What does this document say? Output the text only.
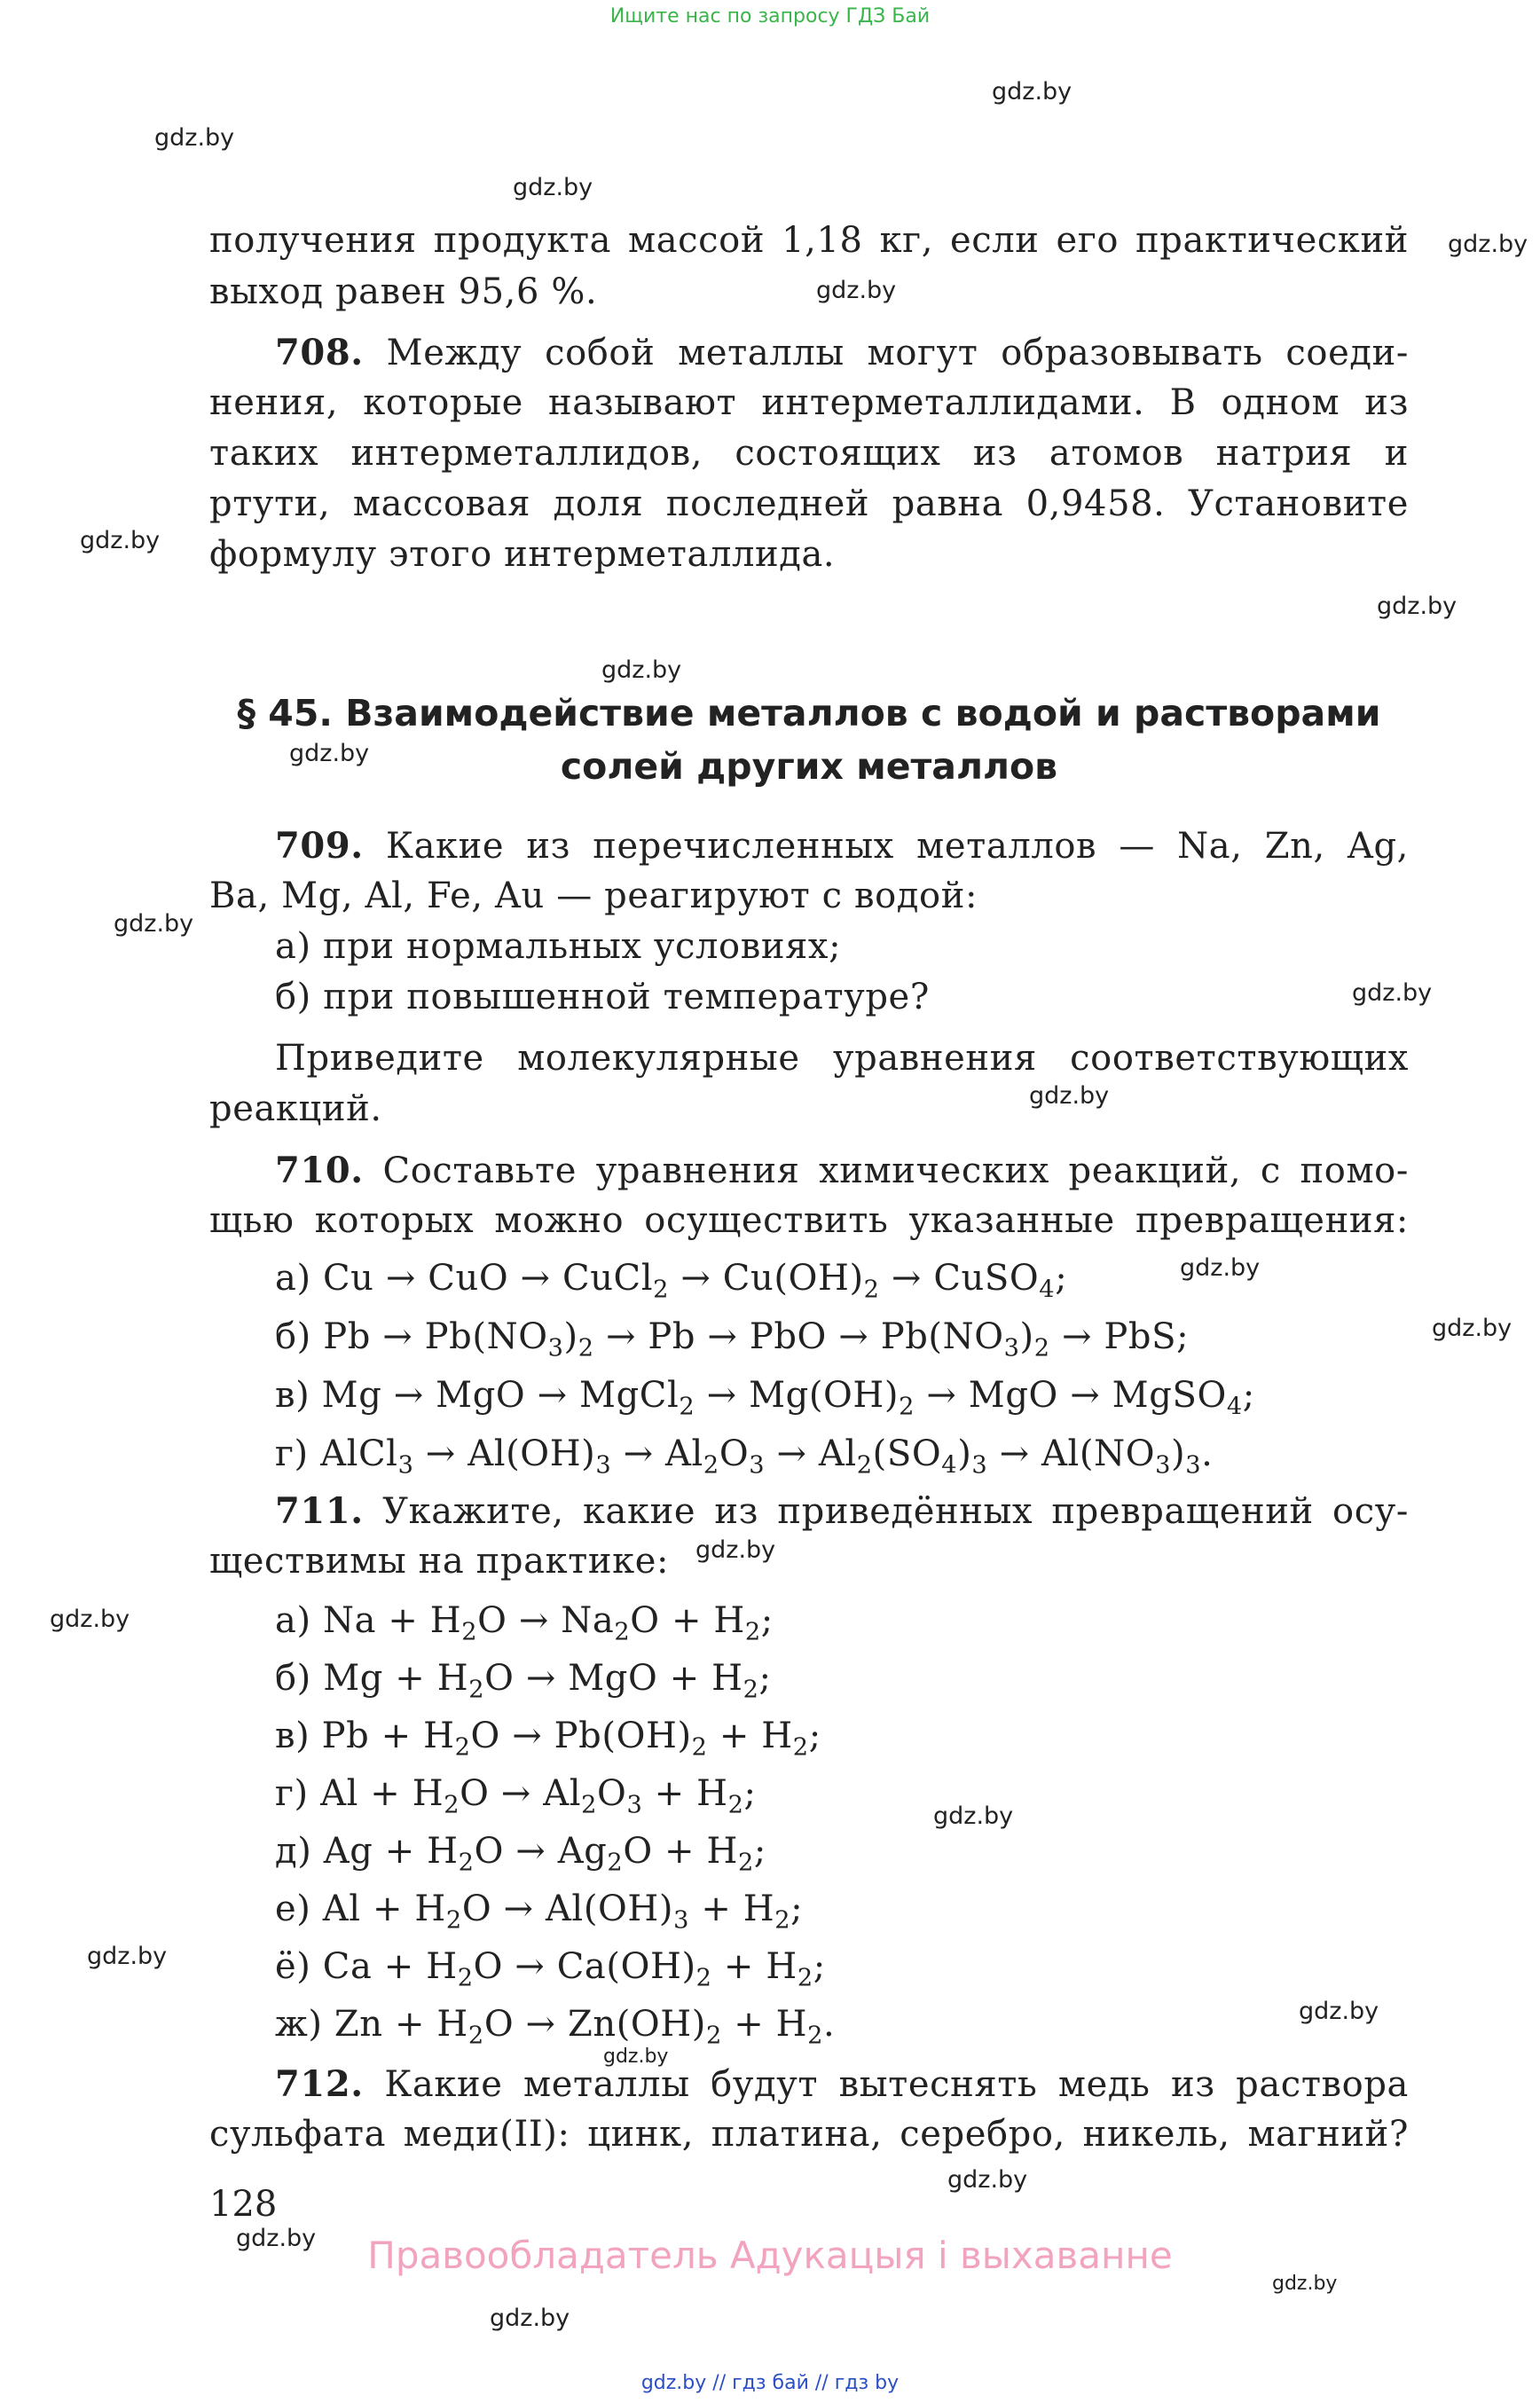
Ищите нас по запросу ГДЗ Бай
gdz.by
gdz.by
gdz.by
gdz.by
gdz.by
gdz.by
gdz.by
gdz.by
gdz.by
gdz.by
gdz.by
gdz.by
gdz.by
gdz.by
gdz.by
gdz.by
gdz.by
gdz.by
gdz.by
gdz.by
gdz.by
gdz.by
gdz.by
gdz.by
получения продукта массой 1,18 кг, если его практический
выход равен 95,6 %.
708. Между собой металлы могут образовывать соеди-
нения, которые называют интерметаллидами. В одном из
таких интерметаллидов, состоящих из атомов натрия и
ртути, массовая доля последней равна 0,9458. Установите
формулу этого интерметаллида.
§ 45. Взаимодействие металлов с водой и растворами
солей других металлов
709. Какие из перечисленных металлов — Na, Zn, Ag,
Ba, Mg, Al, Fe, Au — реагируют с водой:
а) при нормальных условиях;
б) при повышенной температуре?
Приведите молекулярные уравнения соответствующих
реакций.
710. Составьте уравнения химических реакций, с помо-
щью которых можно осуществить указанные превращения:
а) Cu → CuO → CuCl$_2$ → $Cu(OH)_2$ → CuSO$_4$;
б) $Pb \to Pb(NO_3)_2 \to Pb$ → PbO → $Pb(NO_3)_2$ → PbS;
в) Mg → MgO → MgCl$_2$ → $Mg(OH)_2$ → MgO → MgSO$_4$;
г) AlCl$_3$ → $Al(OH)_3 \to Al_2O_3 \to Al_2(SO_4)_3 \to Al(NO_3)_3$.
711. Укажите, какие из приведённых превращений осу-
ществимы на практике:
а) $Na + H_2O \to Na_2O + H_2$;
б) $Mg + H_2O$ → MgO + $H_2$;
в) $Pb + H_2O \to Pb(OH)_2 + H_2$;
г) $Al + H_2O \to Al_2O_3 + H_2$;
д) $Ag + H_2O \to Ag_2O + H_2$;
е) $Al + H_2O \to Al(OH)_3 + H_2$;
ё) $Ca + H_2O \to Ca(OH)_2 + H_2$;
ж) $Zn + H_2O \to Zn(OH)_2 + H_2$.
712. Какие металлы будут вытеснять медь из раствора
сульфата меди(II): цинк, платина, серебро, никель, магний?
128
Правообладатель Адукацыя і выхаванне
gdz.by // гдз бай // гдз by
